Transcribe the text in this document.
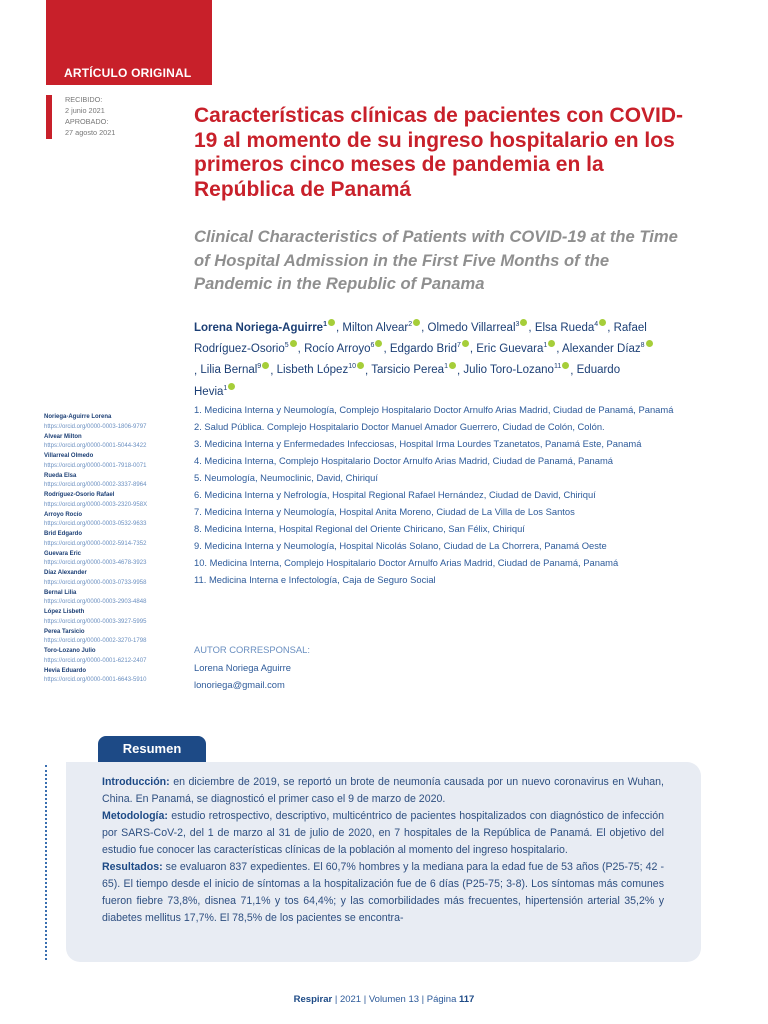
ARTÍCULO ORIGINAL
RECIBIDO:
2 junio 2021
APROBADO:
27 agosto 2021
Características clínicas de pacientes con COVID-19 al momento de su ingreso hospitalario en los primeros cinco meses de pandemia en la República de Panamá
Clinical Characteristics of Patients with COVID-19 at the Time of Hospital Admission in the First Five Months of the Pandemic in the Republic of Panama
Lorena Noriega-Aguirre$^1$ , Milton Alvear$^2$ , Olmedo Villarreal$^3$ , Elsa Rueda$^4$ , Rafael Rodríguez-Osorio$^5$ , Rocío Arroyo$^6$ , Edgardo Brid$^7$ , Eric Guevara$^1$ , Alexander Díaz$^8$, Lilia Bernal$^9$ , Lisbeth López$^{10}$ , Tarsicio Perea$^1$ , Julio Toro-Lozano$^{11}$ , Eduardo Hevia$^1$
1. Medicina Interna y Neumología, Complejo Hospitalario Doctor Arnulfo Arias Madrid, Ciudad de Panamá, Panamá
2. Salud Pública. Complejo Hospitalario Doctor Manuel Amador Guerrero, Ciudad de Colón, Colón.
3. Medicina Interna y Enfermedades Infecciosas, Hospital Irma Lourdes Tzanetatos, Panamá Este, Panamá
4. Medicina Interna, Complejo Hospitalario Doctor Arnulfo Arias Madrid, Ciudad de Panamá, Panamá
5. Neumología, Neumoclinic, David, Chiriquí
6. Medicina Interna y Nefrología, Hospital Regional Rafael Hernández, Ciudad de David, Chiriquí
7. Medicina Interna y Neumología, Hospital Anita Moreno, Ciudad de La Villa de Los Santos
8. Medicina Interna, Hospital Regional del Oriente Chiricano, San Félix, Chiriquí
9. Medicina Interna y Neumología, Hospital Nicolás Solano, Ciudad de La Chorrera, Panamá Oeste
10. Medicina Interna, Complejo Hospitalario Doctor Arnulfo Arias Madrid, Ciudad de Panamá, Panamá
11. Medicina Interna e Infectología, Caja de Seguro Social
AUTOR CORRESPONSAL:
Lorena Noriega Aguirre
lonoriega@gmail.com
Noriega-Aguirre Lorena
https://orcid.org/0000-0003-1806-9797
Alvear Milton
https://orcid.org/0000-0001-5044-3422
Villarreal Olmedo
https://orcid.org/0000-0001-7918-0071
Rueda Elsa
https://orcid.org/0000-0002-3337-8964
Rodríguez-Osorio Rafael
https://orcid.org/0000-0003-2320-958X
Arroyo Rocío
https://orcid.org/0000-0003-0532-9633
Brid Edgardo
https://orcid.org/0000-0002-5914-7352
Guevara Eric
https://orcid.org/0000-0003-4678-3923
Díaz Alexander
https://orcid.org/0000-0003-0733-9958
Bernal Lilia
https://orcid.org/0000-0003-2903-4848
López Lisbeth
https://orcid.org/0000-0003-3927-5995
Perea Tarsicio
https://orcid.org/0000-0002-3270-1798
Toro-Lozano Julio
https://orcid.org/0000-0001-6212-2407
Hevia Eduardo
https://orcid.org/0000-0001-6643-5910
Resumen

Introducción: en diciembre de 2019, se reportó un brote de neumonía causada por un nuevo coronavirus en Wuhan, China. En Panamá, se diagnosticó el primer caso el 9 de marzo de 2020.

Metodología: estudio retrospectivo, descriptivo, multicéntrico de pacientes hospitalizados con diagnóstico de infección por SARS-CoV-2, del 1 de marzo al 31 de julio de 2020, en 7 hospitales de la República de Panamá. El objetivo del estudio fue conocer las características clínicas de la población al momento del ingreso hospitalario.

Resultados: se evaluaron 837 expedientes. El 60,7% hombres y la mediana para la edad fue de 53 años (P25-75; 42 - 65). El tiempo desde el inicio de síntomas a la hospitalización fue de 6 días (P25-75; 3-8). Los síntomas más comunes fueron fiebre 73,8%, disnea 71,1% y tos 64,4%; y las comorbilidades más frecuentes, hipertensión arterial 35,2% y diabetes mellitus 17,7%. El 78,5% de los pacientes se encontra-

Respirar | 2021 | Volumen 13 | Página 117
